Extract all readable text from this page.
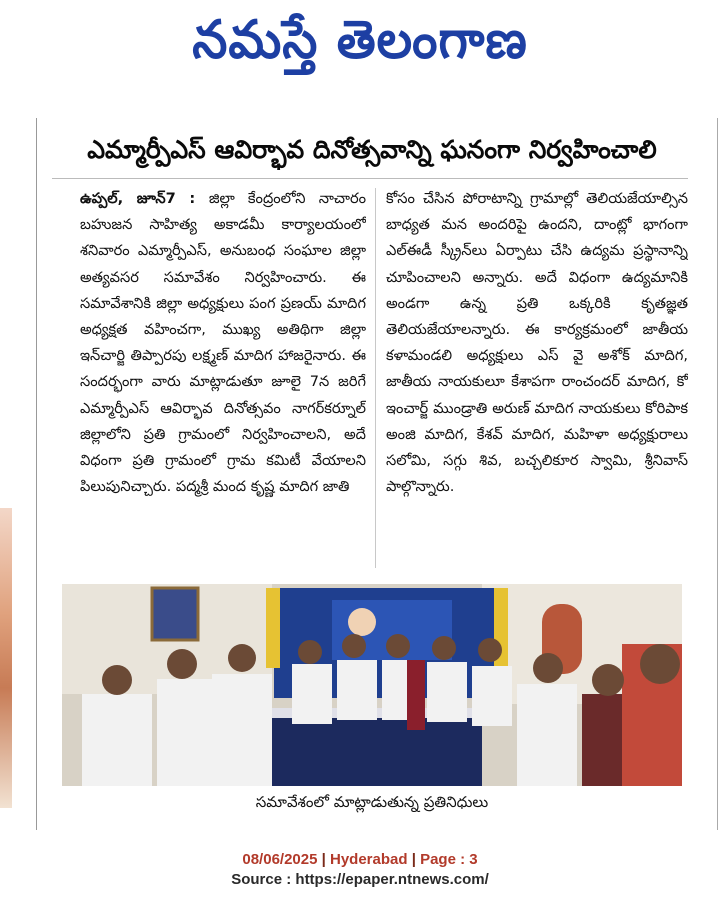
నమస్తే తెలంగాణ
ఎమ్మార్పీఎస్‌ ఆవిర్భావ దినోత్సవాన్ని ఘనంగా నిర్వహించాలి
ఉప్పల్‌, జూన్‌7 : జిల్లా కేంద్రంలోని నాచారం బహుజన సాహిత్య అకాడమీ కార్యాలయంలో శనివారం ఎమ్మార్పీఎస్‌, అనుబంధ సంఘాల జిల్లా అత్యవసర సమావేశం నిర్వహించారు. ఈ సమావేశానికి జిల్లా అధ్యక్షులు పంగ ప్రణయ్‌ మాదిగ అధ్యక్షత వహించగా, ముఖ్య అతిథిగా జిల్లా ఇన్‌చార్జి తిప్పారపు లక్ష్మణ్‌ మాదిగ హాజరైనారు. ఈ సందర్భంగా వారు మాట్లాడుతూ జూలై 7న జరిగే ఎమ్మార్పీఎస్‌ ఆవిర్భావ దినోత్సవం నాగర్‌కర్నూల్‌ జిల్లాలోని ప్రతి గ్రామంలో నిర్వహించాలని, అదే విధంగా ప్రతి గ్రామంలో గ్రామ కమిటీ వేయాలని పిలుపునిచ్చారు. పద్మశ్రీ మంద కృష్ణ మాదిగ జాతి
కోసం చేసిన పోరాటాన్ని గ్రామాల్లో తెలియజేయాల్సిన బాధ్యత మన అందరిపై ఉందని, దాంట్లో భాగంగా ఎల్‌ఈడీ స్క్రీన్‌లు ఏర్పాటు చేసి ఉద్యమ ప్రస్థానాన్ని చూపించాలని అన్నారు. అదే విధంగా ఉద్యమానికి అండగా ఉన్న ప్రతి ఒక్కరికి కృతజ్ఞత తెలియజేయాలన్నారు. ఈ కార్యక్రమంలో జాతీయ కళామండలి అధ్యక్షులు ఎస్‌ వై అశోక్‌ మాదిగ, జాతీయ నాయకులూ కేశాపగా రాంచందర్‌ మాదిగ, కో ఇంచార్జ్‌ ముండ్రాతి అరుణ్‌ మాదిగ నాయకులు కోరిపాక అంజి మాదిగ, కేశవ్‌ మాదిగ, మహిళా అధ్యక్షురాలు సలోమి, సగ్గు శివ, బచ్చలికూర స్వామి, శ్రీనివాస్‌ పాల్గొన్నారు.
సమావేశంలో మాట్లాడుతున్న ప్రతినిధులు
08/06/2025 | Hyderabad | Page : 3
Source : https://epaper.ntnews.com/
